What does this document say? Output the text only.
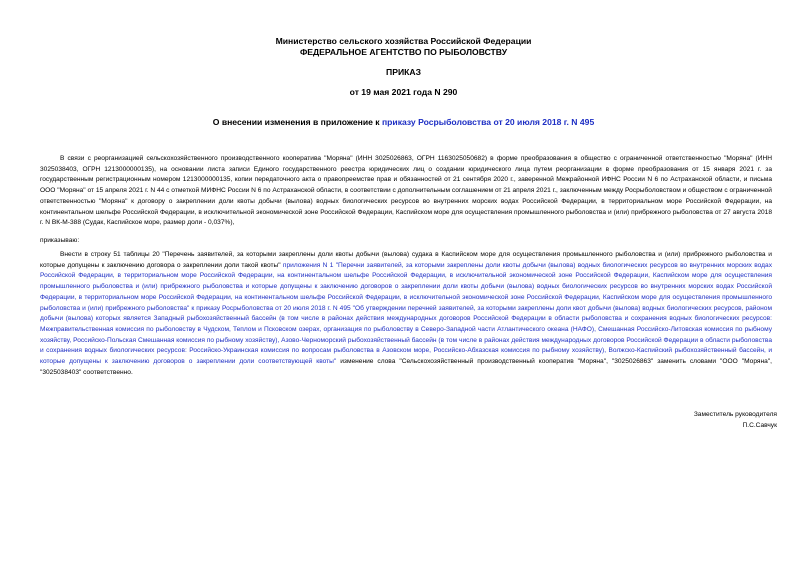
Министерство сельского хозяйства Российской Федерации
ФЕДЕРАЛЬНОЕ АГЕНТСТВО ПО РЫБОЛОВСТВУ
ПРИКАЗ
от 19 мая 2021 года N 290
О внесении изменения в приложение к приказу Росрыболовства от 20 июля 2018 г. N 495
В связи с реорганизацией сельскохозяйственного производственного кооператива "Моряна" (ИНН 3025026863, ОГРН 1163025050682) в форме преобразования в общество с ограниченной ответственностью "Моряна" (ИНН 3025038403, ОГРН 1213000000135), на основании листа записи Единого государственного реестра юридических лиц о создании юридического лица путем реорганизации в форме преобразования от 15 января 2021 г. за государственным регистрационным номером 1213000000135, копии передаточного акта о правопреемстве прав и обязанностей от 21 сентября 2020 г., заверенной Межрайонной ИФНС России N 6 по Астраханской области, и письма ООО "Моряна" от 15 апреля 2021 г. N 44 с отметкой МИФНС России N 6 по Астраханской области, в соответствии с дополнительным соглашением от 21 апреля 2021 г., заключенным между Росрыболовством и обществом с ограниченной ответственностью "Моряна" к договору о закреплении доли квоты добычи (вылова) водных биологических ресурсов во внутренних морских водах Российской Федерации, в территориальном море Российской Федерации, на континентальном шельфе Российской Федерации, в исключительной экономической зоне Российской Федерации, Каспийском море для осуществления промышленного рыболовства и (или) прибрежного рыболовства от 27 августа 2018 г. N ВК-М-388 (Судак, Каспийское море, размер доли - 0,037%),
приказываю:
Внести в строку 51 таблицы 20 "Перечень заявителей, за которыми закреплены доли квоты добычи (вылова) судака в Каспийском море для осуществления промышленного рыболовства и (или) прибрежного рыболовства и которые допущены к заключению договора о закреплении доли такой квоты" приложения N 1 "Перечни заявителей, за которыми закреплены доли квоты добычи (вылова) водных биологических ресурсов во внутренних морских водах Российской Федерации, в территориальном море Российской Федерации, на континентальном шельфе Российской Федерации, в исключительной экономической зоне Российской Федерации, Каспийском море для осуществления промышленного рыболовства и (или) прибрежного рыболовства и которые допущены к заключению договоров о закреплении доли квоты добычи (вылова) водных биологических ресурсов во внутренних морских водах Российской Федерации, в территориальном море Российской Федерации, на континентальном шельфе Российской Федерации, в исключительной экономической зоне Российской Федерации, Каспийском море для осуществления промышленного рыболовства и (или) прибрежного рыболовства" к приказу Росрыболовства от 20 июля 2018 г. N 495 "Об утверждении перечней заявителей, за которыми закреплены доли квот добычи (вылова) водных биологических ресурсов, районом добычи (вылова) которых является Западный рыбохозяйственный бассейн (в том числе в районах действия международных договоров Российской Федерации в области рыболовства и сохранения водных биологических ресурсов: Межправительственная комиссия по рыболовству в Чудском, Теплом и Псковском озерах, организация по рыболовству в Северо-Западной части Атлантического океана (НАФО), Смешанная Российско-Литовская комиссия по рыбному хозяйству, Российско-Польская Смешанная комиссия по рыбному хозяйству), Азово-Черноморский рыбохозяйственный бассейн (в том числе в районах действия международных договоров Российской Федерации в области рыболовства и сохранения водных биологических ресурсов: Российско-Украинская комиссия по вопросам рыболовства в Азовском море, Российско-Абхазская комиссия по рыбному хозяйству), Волжско-Каспийский рыбохозяйственный бассейн, и которые допущены к заключению договоров о закреплении доли соответствующей квоты" изменение слова "Сельскохозяйственный производственный кооператив "Моряна", "3025026863" заменить словами "ООО "Моряна", "3025038403" соответственно.
Заместитель руководителя
П.С.Савчук
